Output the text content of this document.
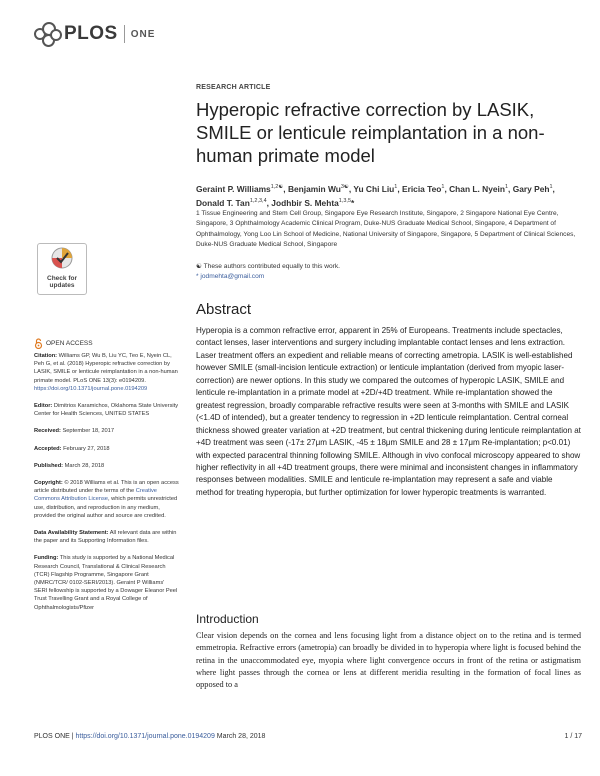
PLOS ONE
RESEARCH ARTICLE
Hyperopic refractive correction by LASIK, SMILE or lenticule reimplantation in a non-human primate model
Geraint P. Williams$^{1,2☯}$, Benjamin $Wu^{3☯}$, Yu Chi Liu$^1$, Ericia Teo$^1$, Chan L. Nyein$^1$, Gary Peh$^1$, Donald T. Tan$^{1,2,3,4}$, Jodhbir S. Mehta$^{1,3,5}$*
1 Tissue Engineering and Stem Cell Group, Singapore Eye Research Institute, Singapore, 2 Singapore National Eye Centre, Singapore, 3 Ophthalmology Academic Clinical Program, Duke-NUS Graduate Medical School, Singapore, 4 Department of Ophthalmology, Yong Loo Lin School of Medicine, National University of Singapore, Singapore, 5 Department of Clinical Sciences, Duke-NUS Graduate Medical School, Singapore
☯ These authors contributed equally to this work.
* jodmehta@gmail.com
Check for
updates
OPEN ACCESS

Citation: Williams GP, Wu B, Liu YC, Teo E, Nyein CL, Peh G, et al. (2018) Hyperopic refractive correction by LASIK, SMILE or lenticule reimplantation in a non-human primate model. PLoS ONE 13(3): e0194209. https://doi.org/10.1371/journal.pone.0194209

Editor: Dimitrios Karamichos, Oklahoma State University Center for Health Sciences, UNITED STATES

Received: September 18, 2017

Accepted: February 27, 2018

Published: March 28, 2018

Copyright: © 2018 Williams et al. This is an open access article distributed under the terms of the Creative Commons Attribution License, which permits unrestricted use, distribution, and reproduction in any medium, provided the original author and source are credited.

Data Availability Statement: All relevant data are within the paper and its Supporting Information files.

Funding: This study is supported by a National Medical Research Council, Translational & Clinical Research (TCR) Flagship Programme, Singapore Grant (NMRC/TCR/ 0102-SERI/2013). Geraint P Williams' SERI fellowship is supported by a Dowager Eleanor Peel Trust Travelling Grant and a Royal College of Ophthalmologists/Pfizer

Abstract
Hyperopia is a common refractive error, apparent in 25% of Europeans. Treatments include spectacles, contact lenses, laser interventions and surgery including implantable contact lenses and lens extraction. Laser treatment offers an expedient and reliable means of correcting ametropia. LASIK is well-established however SMILE (small-incision lenticule extraction) or lenticule implantation (derived from myopic laser-correction) are newer options. In this study we compared the outcomes of hyperopic LASIK, SMILE and lenticule re-implantation in a primate model at +2D/+4D treatment. While re-implantation showed the greatest regression, broadly comparable refractive results were seen at 3-months with SMILE and LASIK (<1.4D of intended), but a greater tendency to regression in +2D lenticule reimplantation. Central corneal thickness showed greater variation at +2D treatment, but central thickening during lenticule reimplantation at +4D treatment was seen (-17± 27μm LASIK, -45 ± 18μm SMILE and 28 ± 17μm Re-implantation; p<0.01) with expected paracentral thinning following SMILE. Although in vivo confocal microscopy appeared to show higher reflectivity in all +4D treatment groups, there were minimal and inconsistent changes in inflammatory responses between modalities. SMILE and lenticule re-implantation may represent a safe and viable method for treating hyperopia, but further optimization for lower hyperopic treatments is warranted.
Introduction
Clear vision depends on the cornea and lens focusing light from a distance object on to the retina and is termed emmetropia. Refractive errors (ametropia) can broadly be divided in to hyperopia where light is focused behind the retina in the unaccommodated eye, myopia where light convergence occurs in front of the retina or astigmatism where light passes through the cornea or lens at different meridia resulting in the formation of focal lines as opposed to a
PLOS ONE | https://doi.org/10.1371/journal.pone.0194209 March 28, 2018	1 / 17
